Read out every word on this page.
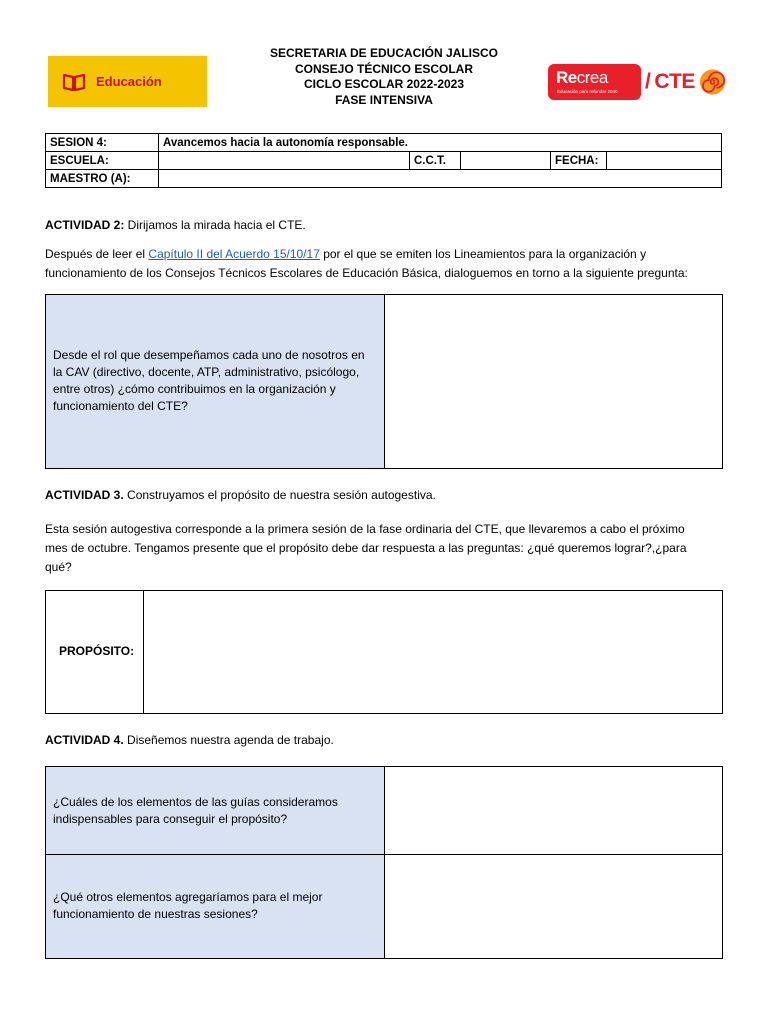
Educación
SECRETARIA DE EDUCACIÓN JALISCO
CONSEJO TÉCNICO ESCOLAR
CICLO ESCOLAR 2022-2023
FASE INTENSIVA
Recrea
Educación para refundar 2040 / CTE
SESION 4:	Avancemos hacia la autonomía responsable.				
ESCUELA:		C.C.T.		FECHA:	
MAESTRO (A):					
ACTIVIDAD 2: Dirijamos la mirada hacia el CTE.
Después de leer el Capítulo II del Acuerdo 15/10/17 por el que se emiten los Lineamientos para la organización y
funcionamiento de los Consejos Técnicos Escolares de Educación Básica, dialoguemos en torno a la siguiente pregunta:
Desde el rol que desempeñamos cada uno de nosotros en
la CAV (directivo, docente, ATP, administrativo, psicólogo,
entre otros) ¿cómo contribuimos en la organización y
funcionamiento del CTE?
ACTIVIDAD 3. Construyamos el propósito de nuestra sesión autogestiva.
Esta sesión autogestiva corresponde a la primera sesión de la fase ordinaria del CTE, que llevaremos a cabo el próximo
mes de octubre. Tengamos presente que el propósito debe dar respuesta a las preguntas: ¿qué queremos lograr?,¿para
qué?
PROPÓSITO:
ACTIVIDAD 4. Diseñemos nuestra agenda de trabajo.
¿Cuáles de los elementos de las guías consideramos
indispensables para conseguir el propósito?
¿Qué otros elementos agregaríamos para el mejor
funcionamiento de nuestras sesiones?
